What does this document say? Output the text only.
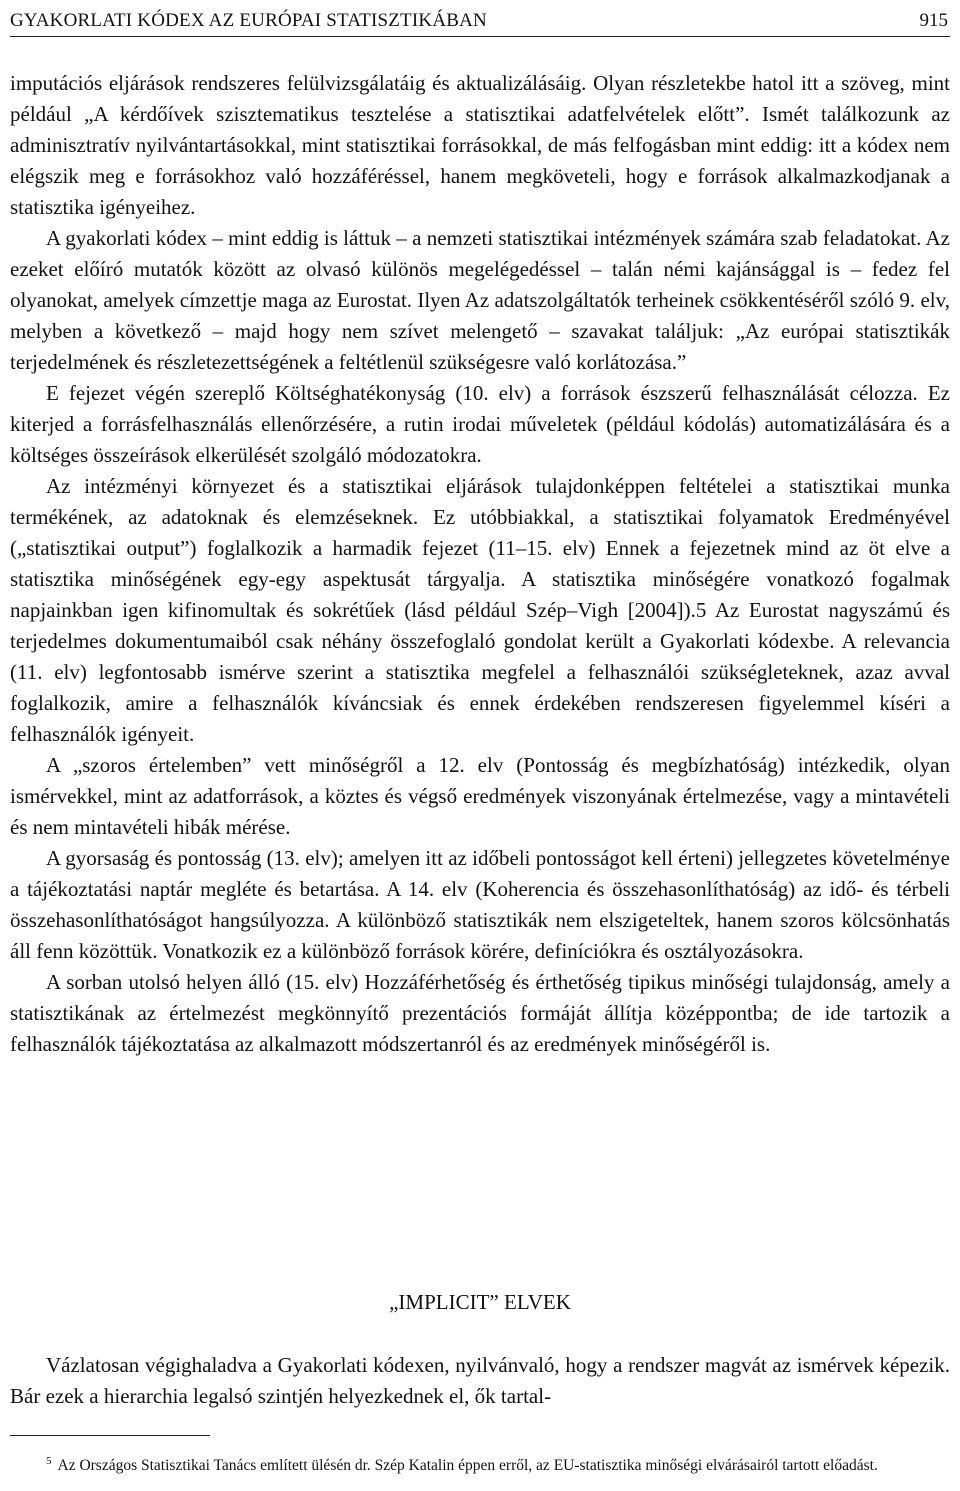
GYAKORLATI KÓDEX AZ EURÓPAI STATISZTIKÁBAN	915

imputációs eljárások rendszeres felülvizsgálatáig és aktualizálásáig. Olyan részletekbe hatol itt a szöveg, mint például „A kérdőívek szisztematikus tesztelése a statisztikai adatfelvételek előtt”. Ismét találkozunk az adminisztratív nyilvántartásokkal, mint statisztikai forrásokkal, de más felfogásban mint eddig: itt a kódex nem elégszik meg e forrásokhoz való hozzáféréssel, hanem megköveteli, hogy e források alkalmazkodjanak a statisztika igényeihez.

A gyakorlati kódex – mint eddig is láttuk – a nemzeti statisztikai intézmények számára szab feladatokat. Az ezeket előíró mutatók között az olvasó különös megelégedéssel – talán némi kajánsággal is – fedez fel olyanokat, amelyek címzettje maga az Eurostat. Ilyen Az adatszolgáltatók terheinek csökkentéséről szóló 9. elv, melyben a következő – majd hogy nem szívet melengető – szavakat találjuk: „Az európai statisztikák terjedelmének és részletezettségének a feltétlenül szükségesre való korlátozása.”

E fejezet végén szereplő Költséghatékonyság (10. elv) a források észszerű felhasználását célozza. Ez kiterjed a forrásfelhasználás ellenőrzésére, a rutin irodai műveletek (például kódolás) automatizálására és a költséges összeírások elkerülését szolgáló módozatokra.

Az intézményi környezet és a statisztikai eljárások tulajdonképpen feltételei a statisztikai munka termékének, az adatoknak és elemzéseknek. Ez utóbbiakkal, a statisztikai folyamatok Eredményével („statisztikai output”) foglalkozik a harmadik fejezet (11–15. elv) Ennek a fejezetnek mind az öt elve a statisztika minőségének egy-egy aspektusát tárgyalja. A statisztika minőségére vonatkozó fogalmak napjainkban igen kifinomultak és sokrétűek (lásd például Szép–Vigh [2004]).5 Az Eurostat nagyszámú és terjedelmes dokumentumaiból csak néhány összefoglaló gondolat került a Gyakorlati kódexbe. A relevancia (11. elv) legfontosabb ismérve szerint a statisztika megfelel a felhasználói szükségleteknek, azaz avval foglalkozik, amire a felhasználók kíváncsiak és ennek érdekében rendszeresen figyelemmel kíséri a felhasználók igényeit.

A „szoros értelemben” vett minőségről a 12. elv (Pontosság és megbízhatóság) intézkedik, olyan ismérvekkel, mint az adatforrások, a köztes és végső eredmények viszonyának értelmezése, vagy a mintavételi és nem mintavételi hibák mérése.

A gyorsaság és pontosság (13. elv); amelyen itt az időbeli pontosságot kell érteni) jellegzetes követelménye a tájékoztatási naptár megléte és betartása. A 14. elv (Koherencia és összehasonlíthatóság) az idő- és térbeli összehasonlíthatóságot hangsúlyozza. A különböző statisztikák nem elszigeteltek, hanem szoros kölcsönhatás áll fenn közöttük. Vonatkozik ez a különböző források körére, definíciókra és osztályozásokra.

A sorban utolsó helyen álló (15. elv) Hozzáférhetőség és érthetőség tipikus minőségi tulajdonság, amely a statisztikának az értelmezést megkönnyítő prezentációs formáját állítja középpontba; de ide tartozik a felhasználók tájékoztatása az alkalmazott módszertanról és az eredmények minőségéről is.

„IMPLICIT” ELVEK

Vázlatosan végighaladva a Gyakorlati kódexen, nyilvánvaló, hogy a rendszer magvát az ismérvek képezik. Bár ezek a hierarchia legalsó szintjén helyezkednek el, ők tartal-

$^5$ Az Országos Statisztikai Tanács említett ülésén dr. Szép Katalin éppen erről, az EU-statisztika minőségi elvárásairól tartott előadást.
